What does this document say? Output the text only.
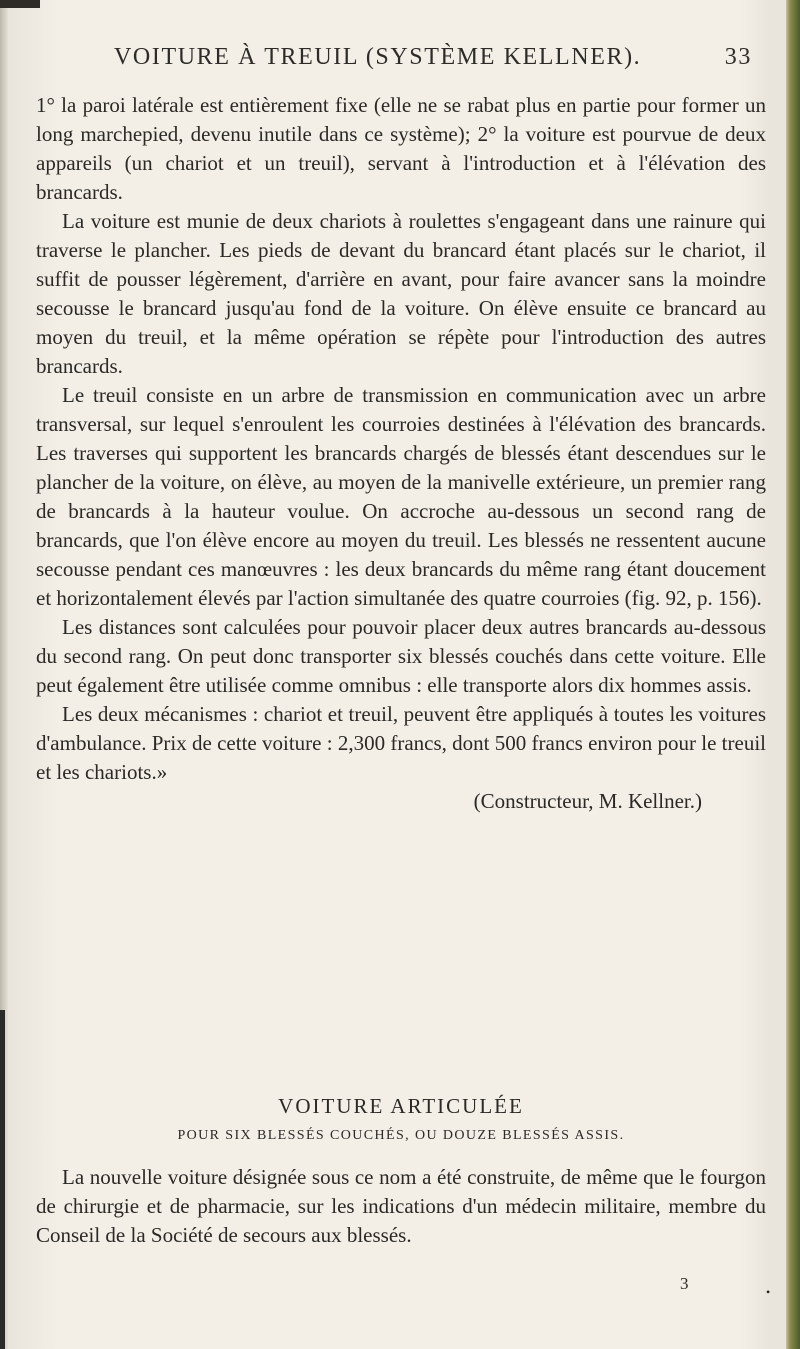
VOITURE À TREUIL (SYSTÈME KELLNER).	33

1° la paroi latérale est entièrement fixe (elle ne se rabat plus en partie pour former un long marchepied, devenu inutile dans ce système); 2° la voiture est pourvue de deux appareils (un chariot et un treuil), servant à l'introduction et à l'élévation des brancards.

La voiture est munie de deux chariots à roulettes s'engageant dans une rainure qui traverse le plancher. Les pieds de devant du brancard étant placés sur le chariot, il suffit de pousser légèrement, d'arrière en avant, pour faire avancer sans la moindre secousse le brancard jusqu'au fond de la voiture. On élève ensuite ce brancard au moyen du treuil, et la même opération se répète pour l'introduction des autres brancards.

Le treuil consiste en un arbre de transmission en communication avec un arbre transversal, sur lequel s'enroulent les courroies destinées à l'élévation des brancards. Les traverses qui supportent les brancards chargés de blessés étant descendues sur le plancher de la voiture, on élève, au moyen de la manivelle extérieure, un premier rang de brancards à la hauteur voulue. On accroche au-dessous un second rang de brancards, que l'on élève encore au moyen du treuil. Les blessés ne ressentent aucune secousse pendant ces manœuvres : les deux brancards du même rang étant doucement et horizontalement élevés par l'action simultanée des quatre courroies (fig. 92, p. 156).

Les distances sont calculées pour pouvoir placer deux autres brancards au-dessous du second rang. On peut donc transporter six blessés couchés dans cette voiture. Elle peut également être utilisée comme omnibus : elle transporte alors dix hommes assis.

Les deux mécanismes : chariot et treuil, peuvent être appliqués à toutes les voitures d'ambulance. Prix de cette voiture : 2,300 francs, dont 500 francs environ pour le treuil et les chariots.»

(Constructeur, M. Kellner.)

VOITURE ARTICULÉE
POUR SIX BLESSÉS COUCHÉS, OU DOUZE BLESSÉS ASSIS.

La nouvelle voiture désignée sous ce nom a été construite, de même que le fourgon de chirurgie et de pharmacie, sur les indications d'un médecin militaire, membre du Conseil de la Société de secours aux blessés.

3	•
